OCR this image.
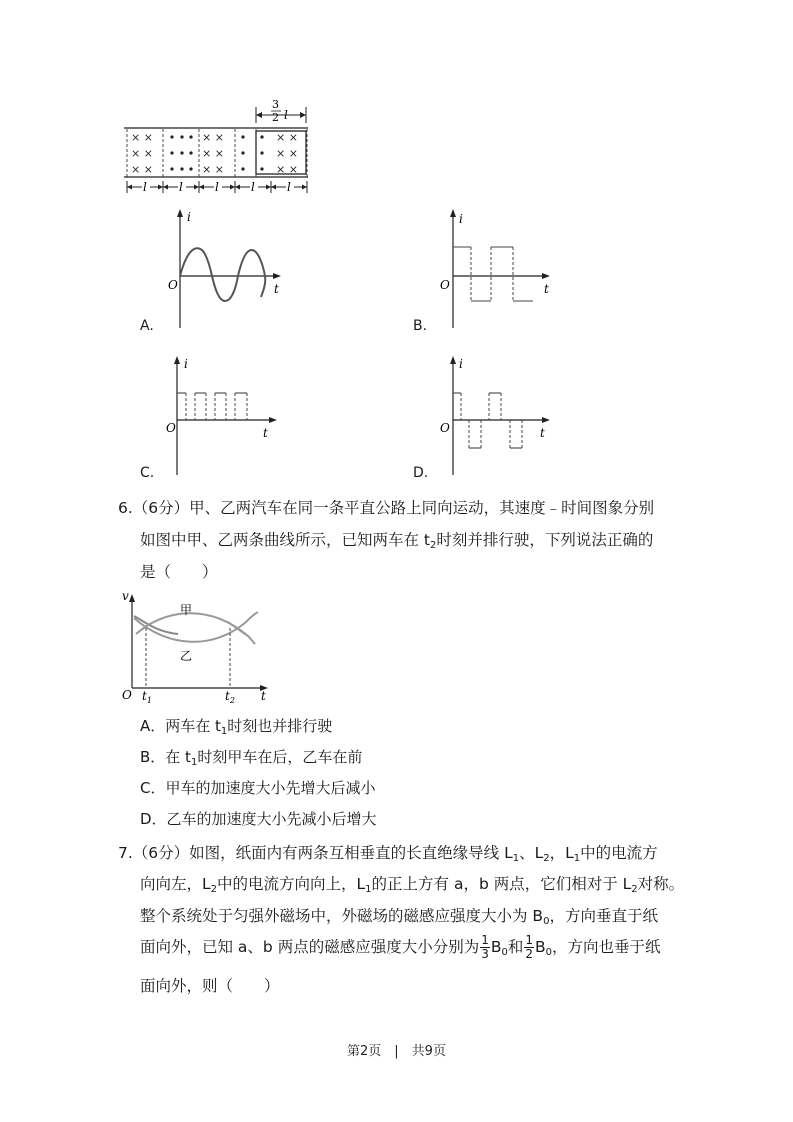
3
2 l
× ×
× ×
× ×
× ×
× ×
× ×
× ×
× ×
× ×
l	l	l	l	l
i
t
O
A.
i
t
O
B.
i
t
O
C.
i
t
O
D.
6.（6分）甲、乙两汽车在同一条平直公路上同向运动，其速度﹣时间图象分别
如图中甲、乙两条曲线所示，已知两车在 $t_2$时刻并排行驶，下列说法正确的
是（　　）
v
t
O $t_1$	$t_2$
甲
乙
A．两车在 $t_1$时刻也并排行驶
B．在 $t_1$时刻甲车在后，乙车在前
C．甲车的加速度大小先增大后减小
D．乙车的加速度大小先减小后增大
7.（6分）如图，纸面内有两条互相垂直的长直绝缘导线 $L_1$、$L_2$，$L_1$中的电流方
向向左，$L_2$中的电流方向向上，$L_1$的正上方有 a，b 两点，它们相对于 $L_2$对称。
整个系统处于匀强外磁场中，外磁场的磁感应强度大小为 $B_0$，方向垂直于纸
面向外，已知 a、b 两点的磁感应强度大小分别为 $\frac{1}{3} B_0$和 $\frac{1}{2} B_0$，方向也垂于纸
面向外，则（　　）
第2页　|　共9页
